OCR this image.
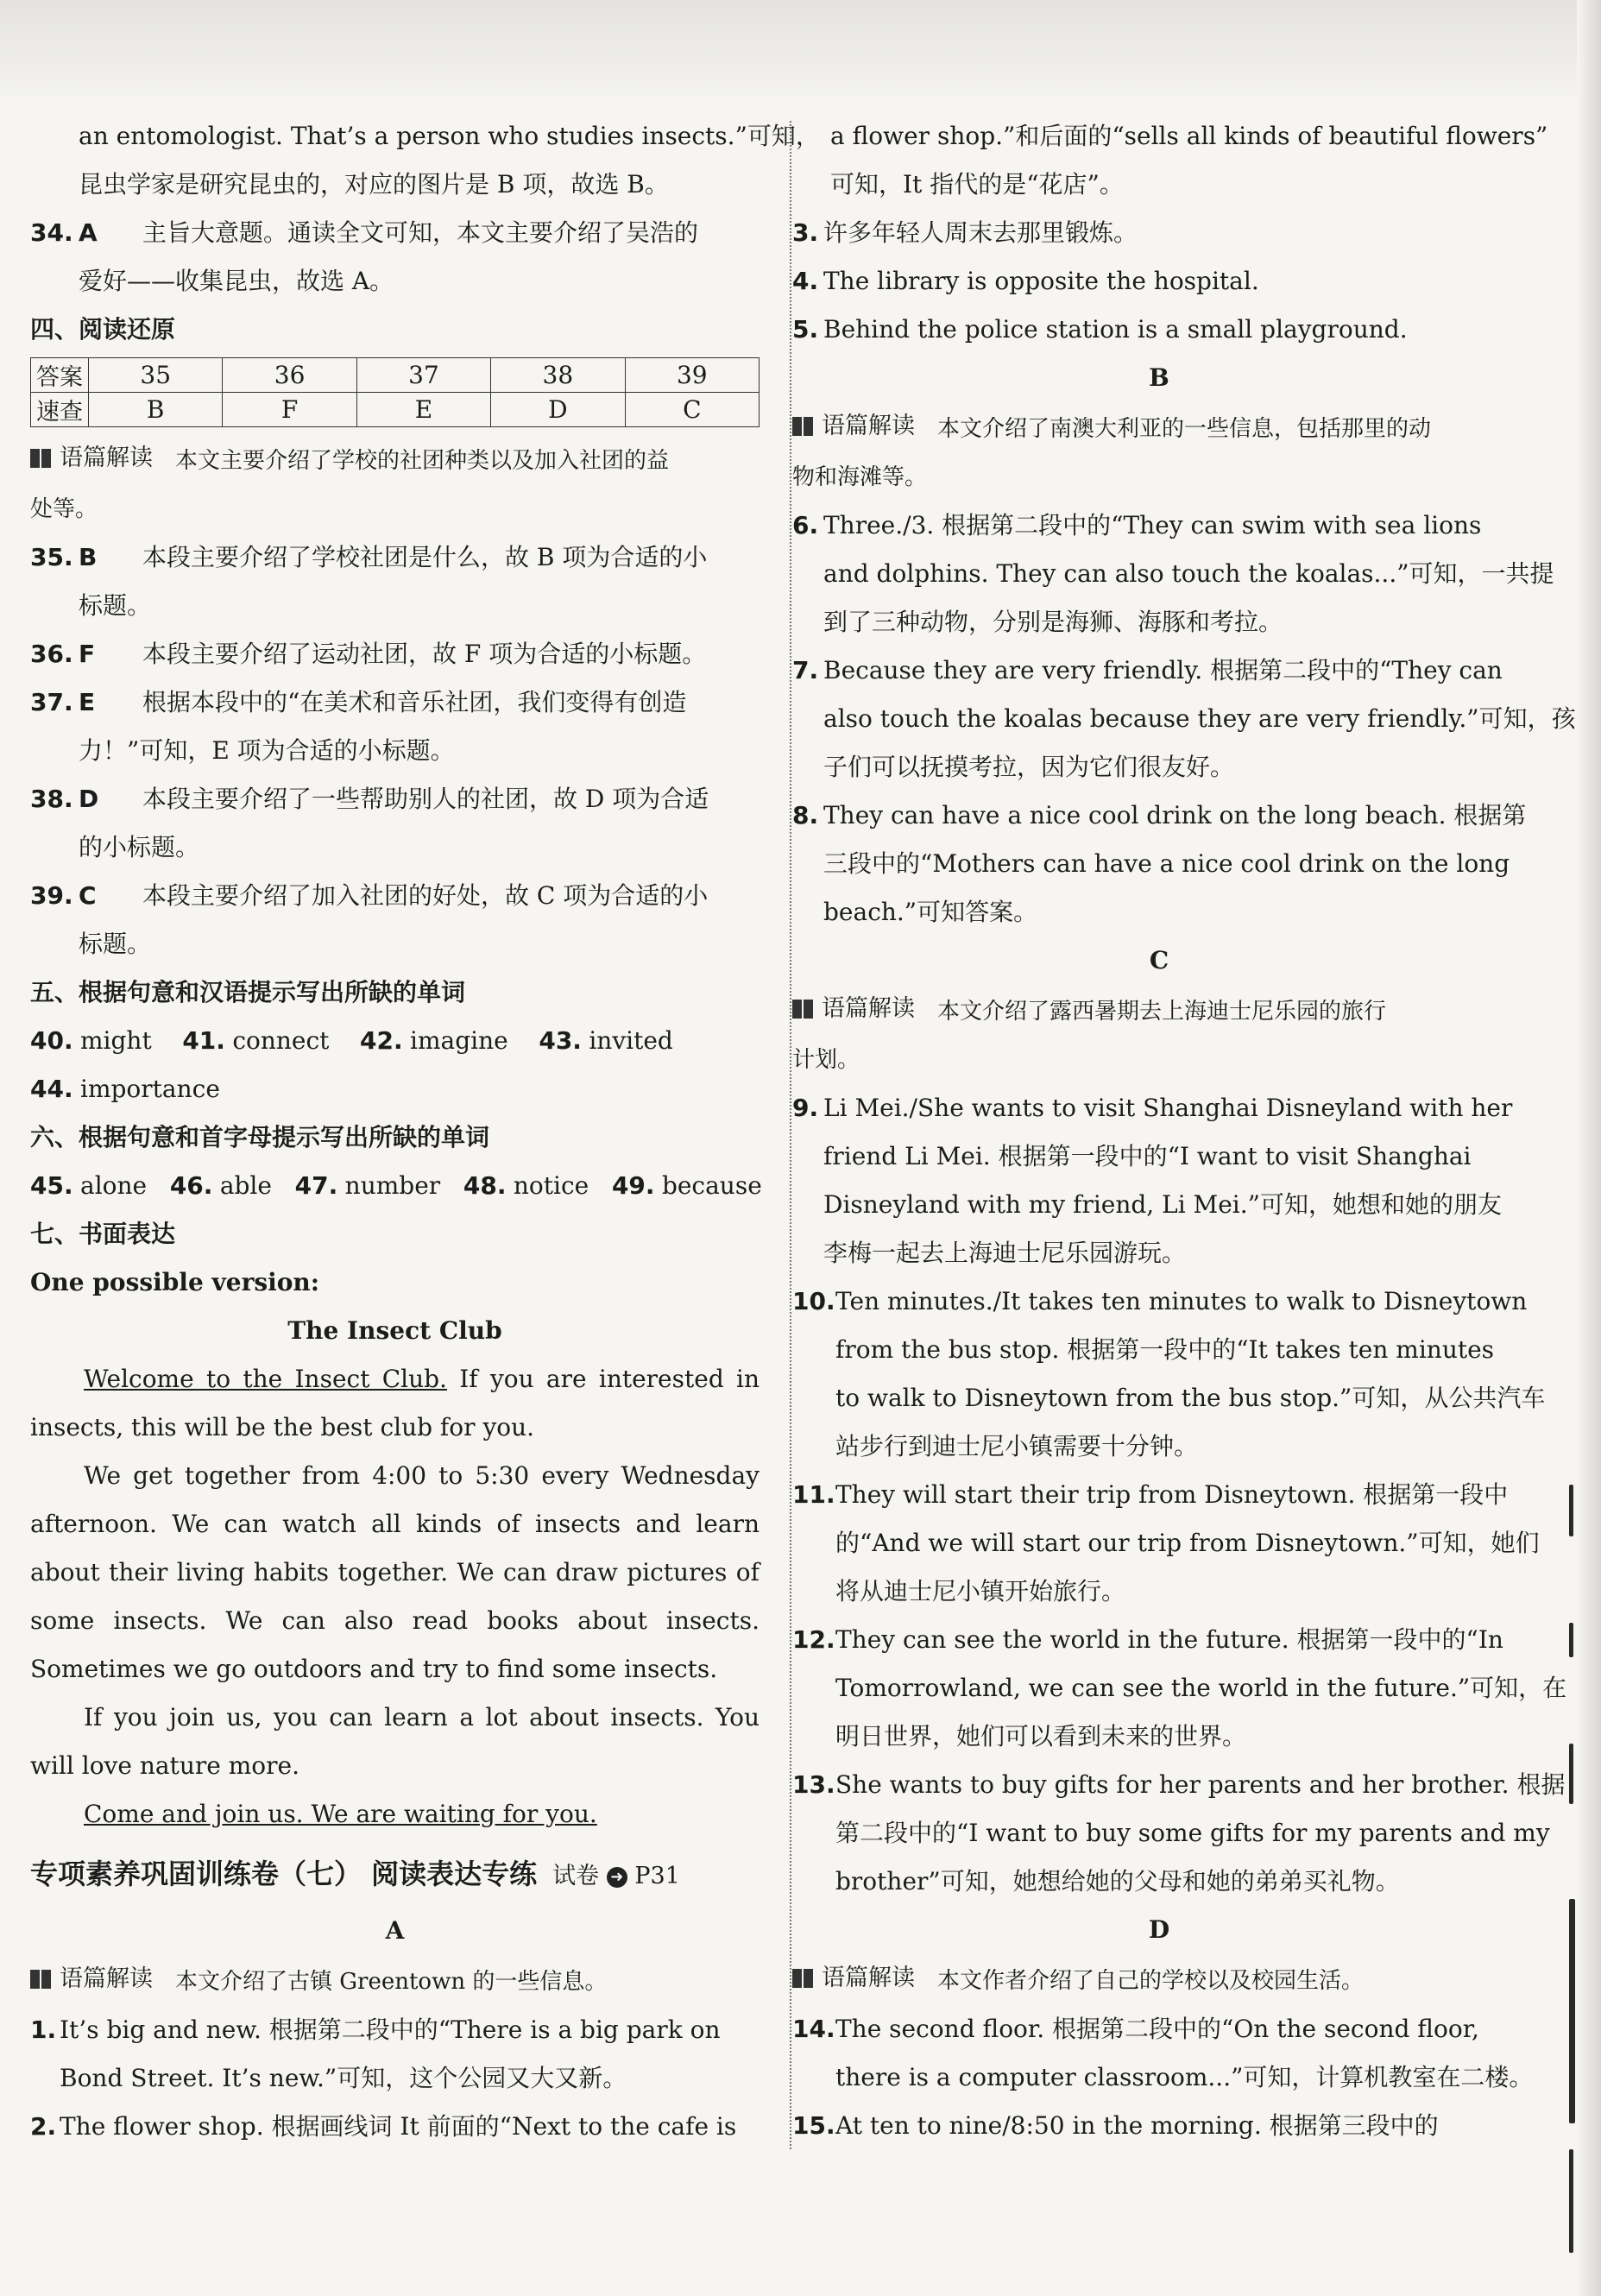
an entomologist. That’s a person who studies insects.”可知，
昆虫学家是研究昆虫的，对应的图片是 B 项，故选 B。
34. A 主旨大意题。通读全文可知，本文主要介绍了吴浩的
爱好——收集昆虫，故选 A。
四、阅读还原
答案	35	36	37	38	39
速查	B	F	E	D	C
语篇解读 本文主要介绍了学校的社团种类以及加入社团的益
处等。
35. B 本段主要介绍了学校社团是什么，故 B 项为合适的小
标题。
36. F 本段主要介绍了运动社团，故 F 项为合适的小标题。
37. E 根据本段中的“在美术和音乐社团，我们变得有创造
力！”可知，E 项为合适的小标题。
38. D 本段主要介绍了一些帮助别人的社团，故 D 项为合适
的小标题。
39. C 本段主要介绍了加入社团的好处，故 C 项为合适的小
标题。
五、根据句意和汉语提示写出所缺的单词
40. might 41. connect 42. imagine 43. invited
44. importance
六、根据句意和首字母提示写出所缺的单词
45. alone 46. able 47. number 48. notice 49. because
七、书面表达
One possible version:
The Insect Club
Welcome to the Insect Club. If you are interested in insects, this will be the best club for you.
We get together from 4:00 to 5:30 every Wednesday afternoon. We can watch all kinds of insects and learn about their living habits together. We can draw pictures of some insects. We can also read books about insects. Sometimes we go outdoors and try to find some insects.
If you join us, you can learn a lot about insects. You will love nature more.
Come and join us. We are waiting for you.
专项素养巩固训练卷（七） 阅读表达专练 试卷 ➜ P31
A
语篇解读 本文介绍了古镇 Greentown 的一些信息。
1. It’s big and new. 根据第二段中的“There is a big park on
Bond Street. It’s new.”可知，这个公园又大又新。
2. The flower shop. 根据画线词 It 前面的“Next to the cafe is
a flower shop.”和后面的“sells all kinds of beautiful flowers”
可知，It 指代的是“花店”。
3. 许多年轻人周末去那里锻炼。
4. The library is opposite the hospital.
5. Behind the police station is a small playground.
B
语篇解读 本文介绍了南澳大利亚的一些信息，包括那里的动
物和海滩等。
6. Three./3. 根据第二段中的“They can swim with sea lions
and dolphins. They can also touch the koalas...”可知，一共提
到了三种动物，分别是海狮、海豚和考拉。
7. Because they are very friendly. 根据第二段中的“They can
also touch the koalas because they are very friendly.”可知，孩
子们可以抚摸考拉，因为它们很友好。
8. They can have a nice cool drink on the long beach. 根据第
三段中的“Mothers can have a nice cool drink on the long
beach.”可知答案。
C
语篇解读 本文介绍了露西暑期去上海迪士尼乐园的旅行
计划。
9. Li Mei./She wants to visit Shanghai Disneyland with her
friend Li Mei. 根据第一段中的“I want to visit Shanghai
Disneyland with my friend, Li Mei.”可知，她想和她的朋友
李梅一起去上海迪士尼乐园游玩。
10.Ten minutes./It takes ten minutes to walk to Disneytown
from the bus stop. 根据第一段中的“It takes ten minutes
to walk to Disneytown from the bus stop.”可知，从公共汽车
站步行到迪士尼小镇需要十分钟。
11.They will start their trip from Disneytown. 根据第一段中
的“And we will start our trip from Disneytown.”可知，她们
将从迪士尼小镇开始旅行。
12.They can see the world in the future. 根据第一段中的“In
Tomorrowland, we can see the world in the future.”可知，在
明日世界，她们可以看到未来的世界。
13.She wants to buy gifts for her parents and her brother. 根据
第二段中的“I want to buy some gifts for my parents and my
brother”可知，她想给她的父母和她的弟弟买礼物。
D
语篇解读 本文作者介绍了自己的学校以及校园生活。
14.The second floor. 根据第二段中的“On the second floor,
there is a computer classroom...”可知，计算机教室在二楼。
15.At ten to nine/8:50 in the morning. 根据第三段中的
